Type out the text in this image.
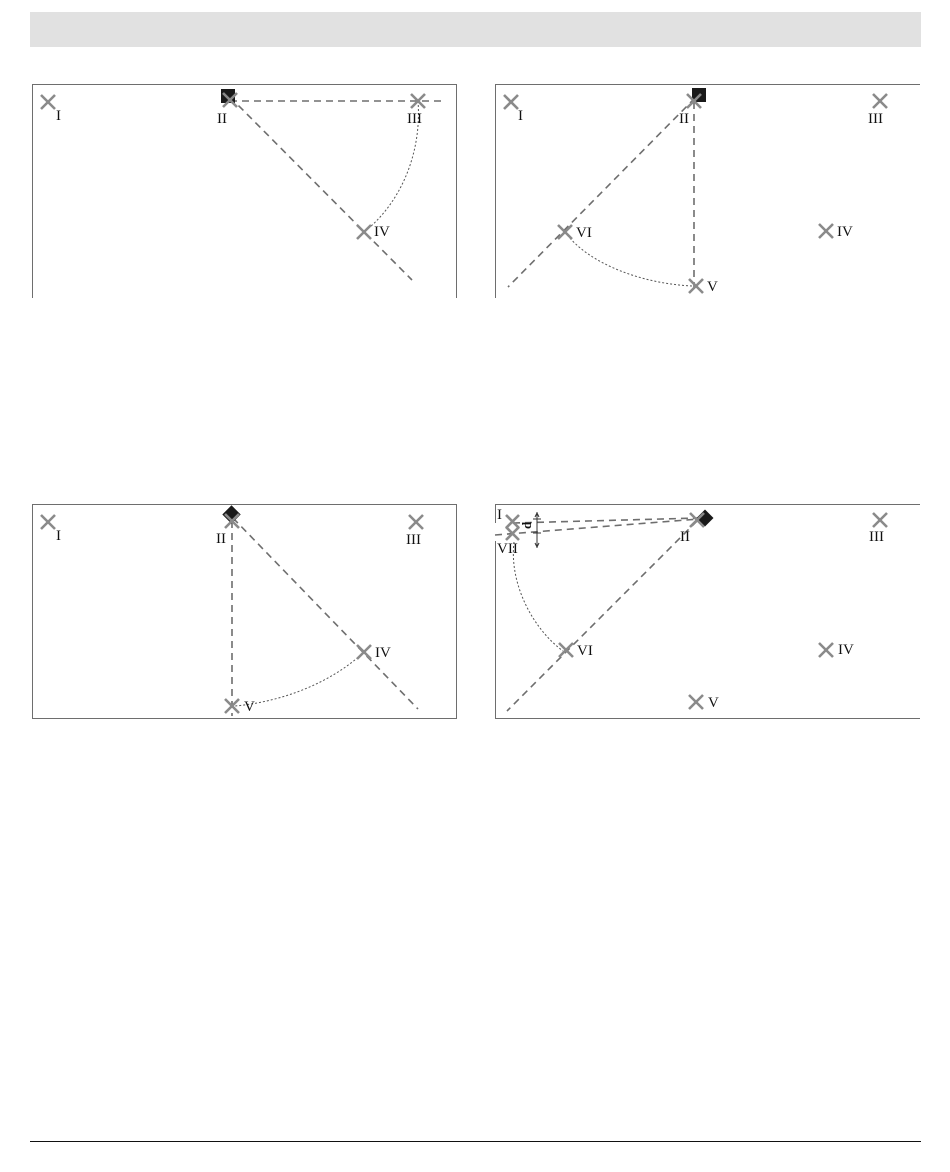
I	II	III
IV
I	II	III
IV
V
VI
I	II	III
IV
V
d
I
VII
II	III
IV
V
VI
